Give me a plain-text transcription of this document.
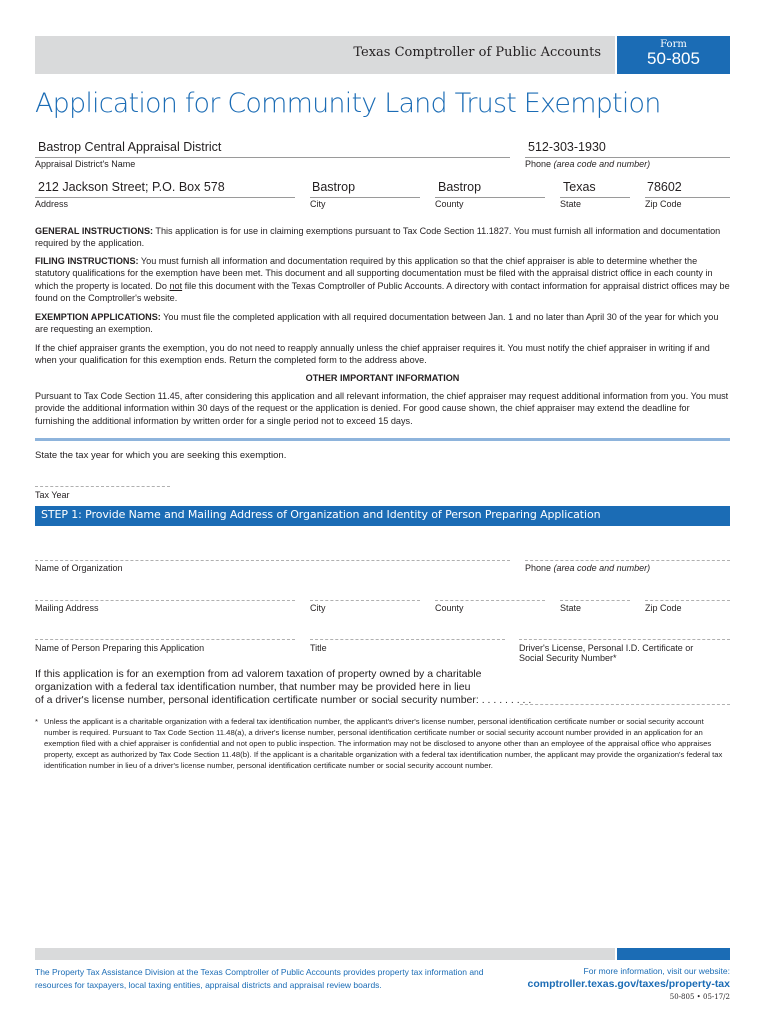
Texas Comptroller of Public Accounts
Form
50-805
Application for Community Land Trust Exemption
Bastrop Central Appraisal District
Appraisal District's Name
512-303-1930
Phone (area code and number)
212 Jackson Street; P.O. Box 578
Address
Bastrop
City
Bastrop
County
Texas
State
78602
Zip Code
GENERAL INSTRUCTIONS: This application is for use in claiming exemptions pursuant to Tax Code Section 11.1827. You must furnish all information and documentation required by the application.
FILING INSTRUCTIONS: You must furnish all information and documentation required by this application so that the chief appraiser is able to determine whether the statutory qualifications for the exemption have been met. This document and all supporting documentation must be filed with the appraisal district office in each county in which the property is located. Do not file this document with the Texas Comptroller of Public Accounts. A directory with contact information for appraisal district offices may be found on the Comptroller's website.
EXEMPTION APPLICATIONS: You must file the completed application with all required documentation between Jan. 1 and no later than April 30 of the year for which you are requesting an exemption.
If the chief appraiser grants the exemption, you do not need to reapply annually unless the chief appraiser requires it. You must notify the chief appraiser in writing if and when your qualification for this exemption ends. Return the completed form to the address above.
OTHER IMPORTANT INFORMATION
Pursuant to Tax Code Section 11.45, after considering this application and all relevant information, the chief appraiser may request additional information from you. You must provide the additional information within 30 days of the request or the application is denied. For good cause shown, the chief appraiser may extend the deadline for furnishing the additional information by written order for a single period not to exceed 15 days.
State the tax year for which you are seeking this exemption.
Tax Year
STEP 1: Provide Name and Mailing Address of Organization and Identity of Person Preparing Application
Name of Organization	Phone (area code and number)
Mailing Address	City	County	State	Zip Code
Name of Person Preparing this Application	Title	Driver's License, Personal I.D. Certificate or
Social Security Number*
If this application is for an exemption from ad valorem taxation of property owned by a charitable
organization with a federal tax identification number, that number may be provided here in lieu
of a driver's license number, personal identification certificate number or social security number: . . . . . . . . .
* Unless the applicant is a charitable organization with a federal tax identification number, the applicant's driver's license number, personal identification certificate number or social security account number is required. Pursuant to Tax Code Section 11.48(a), a driver's license number, personal identification certificate number or social security account number provided in an application for an exemption filed with a chief appraiser is confidential and not open to public inspection. The information may not be disclosed to anyone other than an employee of the appraisal office who appraises property, except as authorized by Tax Code Section 11.48(b). If the applicant is a charitable organization with a federal tax identification number, the applicant may provide the organization's federal tax identification number in lieu of a driver's license number, personal identification certificate number or social security account number.
The Property Tax Assistance Division at the Texas Comptroller of Public Accounts provides property tax information and resources for taxpayers, local taxing entities, appraisal districts and appraisal review boards.
For more information, visit our website:
comptroller.texas.gov/taxes/property-tax
50-805 • 05-17/2
